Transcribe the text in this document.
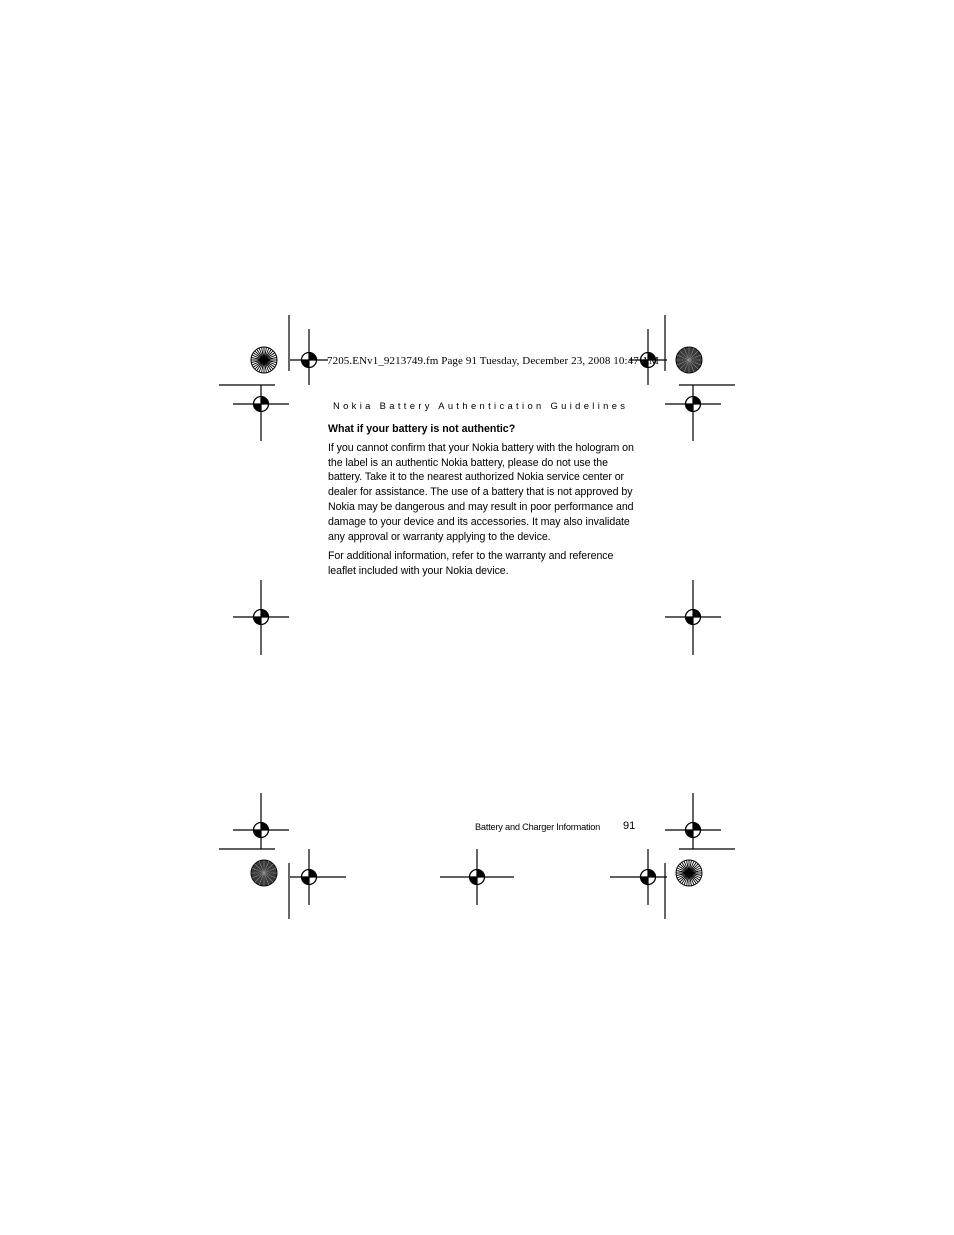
7205.ENv1_9213749.fm Page 91 Tuesday, December 23, 2008 10:47 AM
Nokia Battery Authentication Guidelines
What if your battery is not authentic?

If you cannot confirm that your Nokia battery with the hologram on the label is an authentic Nokia battery, please do not use the battery. Take it to the nearest authorized Nokia service center or dealer for assistance. The use of a battery that is not approved by Nokia may be dangerous and may result in poor performance and damage to your device and its accessories. It may also invalidate any approval or warranty applying to the device.

For additional information, refer to the warranty and reference leaflet included with your Nokia device.

Battery and Charger Information 91
